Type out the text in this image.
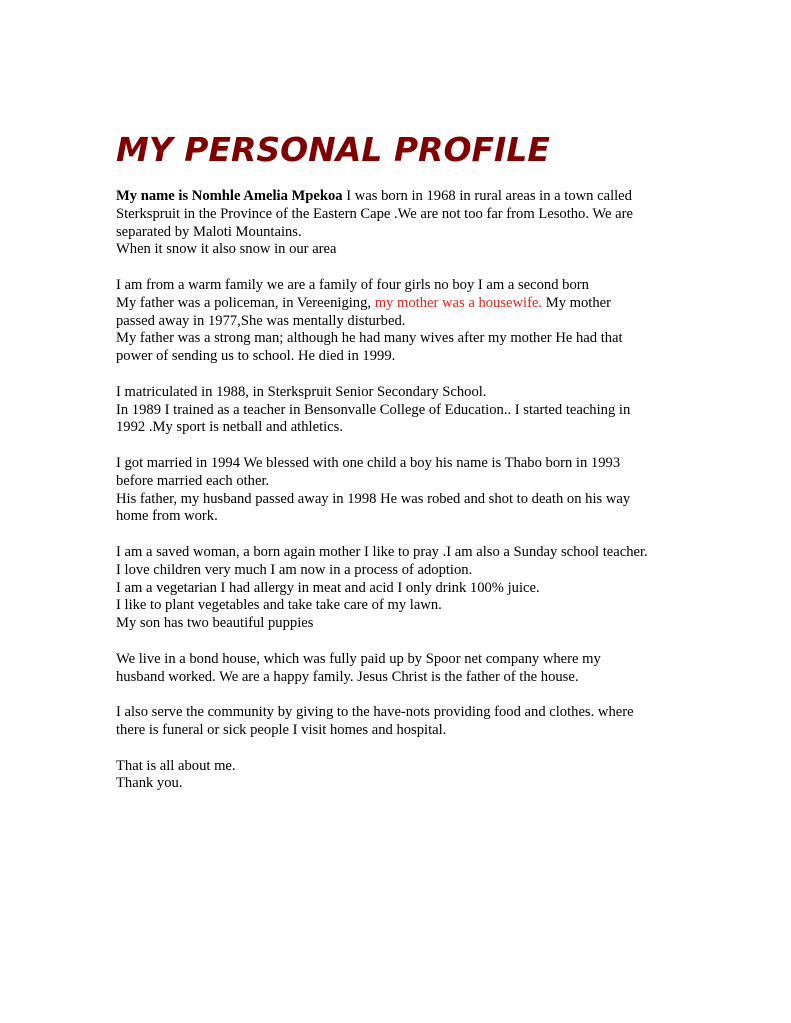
MY PERSONAL PROFILE
My name is Nomhle Amelia Mpekoa I was born in 1968 in rural areas in a town called
Sterkspruit in the Province of the Eastern Cape .We are not too far from Lesotho. We are
separated by Maloti Mountains.
When it snow it also snow in our area
I am from a warm family we are a family of four girls no boy I am a second born
My father was a policeman, in Vereeniging, my mother was a housewife. My mother
passed away in 1977,She was mentally disturbed.
My father was a strong man; although he had many wives after my mother He had that
power of sending us to school. He died in 1999.
I matriculated in 1988, in Sterkspruit Senior Secondary School.
In 1989 I trained as a teacher in Bensonvalle College of Education.. I started teaching in
1992 .My sport is netball and athletics.
I got married in 1994 We blessed with one child a boy his name is Thabo born in 1993
before married each other.
His father, my husband passed away in 1998 He was robed and shot to death on his way
home from work.
I am a saved woman, a born again mother I like to pray .I am also a Sunday school teacher.
I love children very much I am now in a process of adoption.
I am a vegetarian I had allergy in meat and acid I only drink 100% juice.
I like to plant vegetables and take take care of my lawn.
My son has two beautiful puppies
We live in a bond house, which was fully paid up by Spoor net company where my
husband worked. We are a happy family. Jesus Christ is the father of the house.
I also serve the community by giving to the have-nots providing food and clothes. where
there is funeral or sick people I visit homes and hospital.
That is all about me.
Thank you.
